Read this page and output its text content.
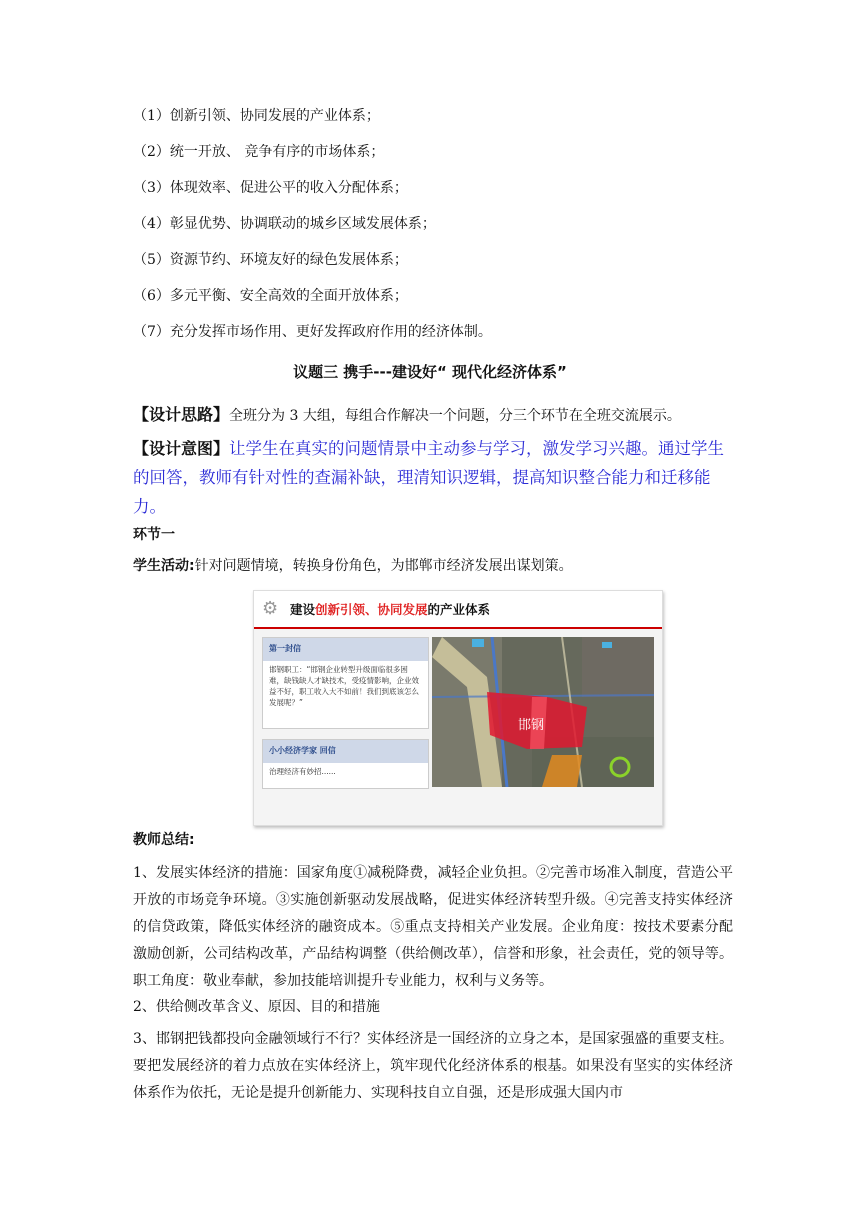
（1）创新引领、协同发展的产业体系；
（2）统一开放、 竞争有序的市场体系；
（3）体现效率、促进公平的收入分配体系；
（4）彰显优势、协调联动的城乡区域发展体系；
（5）资源节约、环境友好的绿色发展体系；
（6）多元平衡、安全高效的全面开放体系；
（7）充分发挥市场作用、更好发挥政府作用的经济体制。
议题三 携手---建设好“ 现代化经济体系”
【设计思路】全班分为 3 大组，每组合作解决一个问题，分三个环节在全班交流展示。
【设计意图】让学生在真实的问题情景中主动参与学习，激发学习兴趣。通过学生的回答，教师有针对性的查漏补缺，理清知识逻辑，提高知识整合能力和迁移能力。
环节一
学生活动:针对问题情境，转换身份角色，为邯郸市经济发展出谋划策。
⚙ 建设创新引领、协同发展的产业体系
第一封信
邯钢职工：“邯钢企业转型升级面临很多困难，缺钱缺人才缺技术，受疫情影响，企业效益不好，职工收入大不如前！我们到底该怎么发展呢？”
小小经济学家 回信
治理经济有妙招......
邯钢
教师总结:
1、发展实体经济的措施：国家角度①减税降费，减轻企业负担。②完善市场准入制度，营造公平开放的市场竞争环境。③实施创新驱动发展战略，促进实体经济转型升级。④完善支持实体经济的信贷政策，降低实体经济的融资成本。⑤重点支持相关产业发展。企业角度：按技术要素分配激励创新，公司结构改革，产品结构调整（供给侧改革），信誉和形象，社会责任，党的领导等。职工角度：敬业奉献，参加技能培训提升专业能力，权利与义务等。
2、供给侧改革含义、原因、目的和措施
3、邯钢把钱都投向金融领域行不行？实体经济是一国经济的立身之本，是国家强盛的重要支柱。要把发展经济的着力点放在实体经济上，筑牢现代化经济体系的根基。如果没有坚实的实体经济体系作为依托，无论是提升创新能力、实现科技自立自强，还是形成强大国内市
